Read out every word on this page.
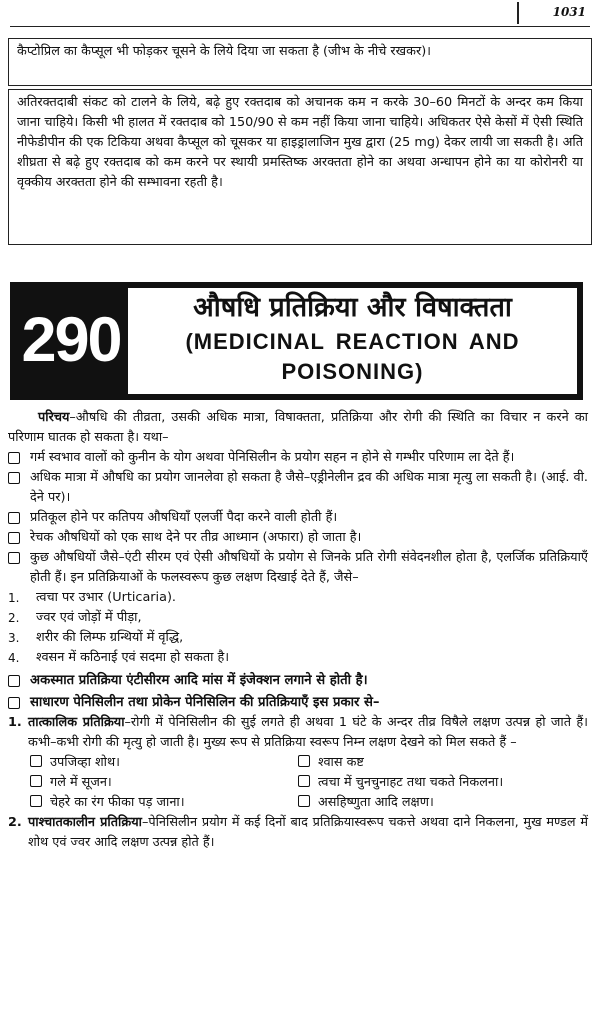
1031

कैप्टोप्रिल का कैप्सूल भी फोड़कर चूसने के लिये दिया जा सकता है (जीभ के नीचे रखकर)।

अतिरक्तदाबी संकट को टालने के लिये, बढ़े हुए रक्तदाब को अचानक कम न करके 30–60 मिनटों के अन्दर कम किया जाना चाहिये। किसी भी हालत में रक्तदाब को 150/90 से कम नहीं किया जाना चाहिये। अधिकतर ऐसे केसों में ऐसी स्थिति नीफेडीपीन की एक टिकिया अथवा कैप्सूल को चूसकर या हाइड्रालाजिन मुख द्वारा (25 mg) देकर लायी जा सकती है। अति शीघ्रता से बढ़े हुए रक्तदाब को कम करने पर स्थायी प्रमस्तिष्क अरक्तता होने का अथवा अन्धापन होने का या कोरोनरी या वृक्कीय अरक्तता होने की सम्भावना रहती है।

290	औषधि प्रतिक्रिया और विषाक्तता
(MEDICINAL REACTION AND
POISONING)

परिचय–औषधि की तीव्रता, उसकी अधिक मात्रा, विषाक्तता, प्रतिक्रिया और रोगी की स्थिति का विचार न करने का परिणाम घातक हो सकता है। यथा–

गर्म स्वभाव वालों को कुनीन के योग अथवा पेनिसिलीन के प्रयोग सहन न होने से गम्भीर परिणाम ला देते हैं।

अधिक मात्रा में औषधि का प्रयोग जानलेवा हो सकता है जैसे–एड्रीनेलीन द्रव की अधिक मात्रा मृत्यु ला सकती है। (आई. वी. देने पर)।

प्रतिकूल होने पर कतिपय औषधियाँ एलर्जी पैदा करने वाली होती हैं।

रेचक औषधियों को एक साथ देने पर तीव्र आध्मान (अफारा) हो जाता है।

कुछ औषधियों जैसे–एंटी सीरम एवं ऐसी औषधियों के प्रयोग से जिनके प्रति रोगी संवेदनशील होता है, एलर्जिक प्रतिक्रियाएँ होती हैं। इन प्रतिक्रियाओं के फलस्वरूप कुछ लक्षण दिखाई देते हैं, जैसे–

1. त्वचा पर उभार (Urticaria).
2. ज्वर एवं जोड़ों में पीड़ा,
3. शरीर की लिम्फ ग्रन्थियों में वृद्धि,
4. श्वसन में कठिनाई एवं सदमा हो सकता है।

अकस्मात प्रतिक्रिया एंटीसीरम आदि मांस में इंजेक्शन लगाने से होती है।

साधारण पेनिसिलीन तथा प्रोकेन पेनिसिलिन की प्रतिक्रियाएँ इस प्रकार से–

1. तात्कालिक प्रतिक्रिया–रोगी में पेनिसिलीन की सुई लगते ही अथवा 1 घंटे के अन्दर तीव्र विषैले लक्षण उत्पन्न हो जाते हैं। कभी–कभी रोगी की मृत्यु हो जाती है। मुख्य रूप से प्रतिक्रिया स्वरूप निम्न लक्षण देखने को मिल सकते हैं –

उपजिव्हा शोथ।	श्वास कष्ट
गले में सूजन।	त्वचा में चुनचुनाहट तथा चकते निकलना।
चेहरे का रंग फीका पड़ जाना।	असहिष्णुता आदि लक्षण।

2. पाश्चातकालीन प्रतिक्रिया–पेनिसिलीन प्रयोग में कई दिनों बाद प्रतिक्रियास्वरूप चकत्ते अथवा दाने निकलना, मुख मण्डल में शोथ एवं ज्वर आदि लक्षण उत्पन्न होते हैं।
